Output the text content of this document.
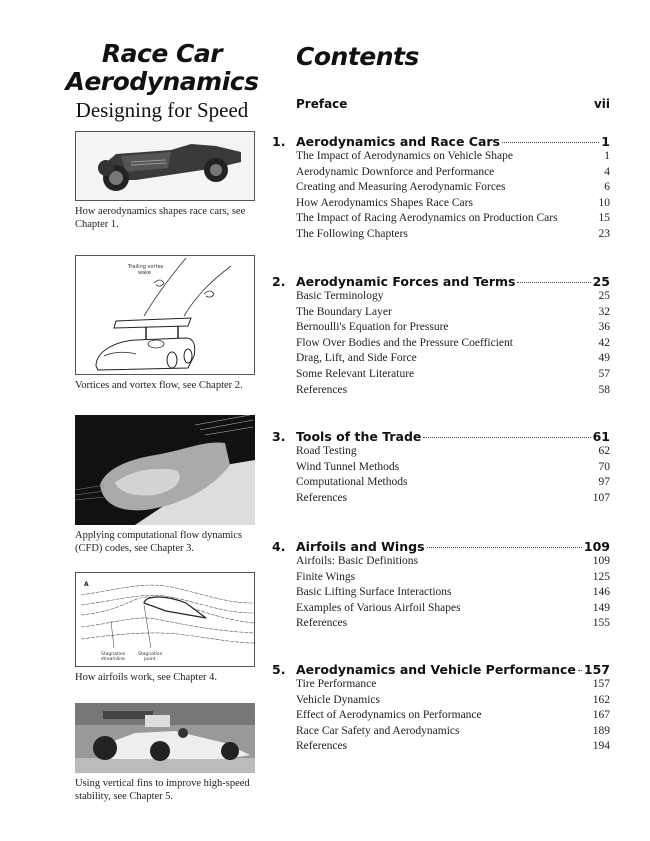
Race Car
Aerodynamics
Designing for Speed
How aerodynamics shapes race cars, see Chapter 1.
Trailing vortex
wake
Vortices and vortex flow, see Chapter 2.
Applying computational flow dynamics (CFD) codes, see Chapter 3.
A
Stagnation
streamline
Stagnation
point
How airfoils work, see Chapter 4.
Using vertical fins to improve high-speed stability, see Chapter 5.
Contents
Preface	vii
1. Aerodynamics and Race Cars	1
The Impact of Aerodynamics on Vehicle Shape	1
Aerodynamic Downforce and Performance	4
Creating and Measuring Aerodynamic Forces	6
How Aerodynamics Shapes Race Cars	10
The Impact of Racing Aerodynamics on Production Cars	15
The Following Chapters	23
2. Aerodynamic Forces and Terms	25
Basic Terminology	25
The Boundary Layer	32
Bernoulli's Equation for Pressure	36
Flow Over Bodies and the Pressure Coefficient	42
Drag, Lift, and Side Force	49
Some Relevant Literature	57
References	58
3. Tools of the Trade	61
Road Testing	62
Wind Tunnel Methods	70
Computational Methods	97
References	107
4. Airfoils and Wings	109
Airfoils: Basic Definitions	109
Finite Wings	125
Basic Lifting Surface Interactions	146
Examples of Various Airfoil Shapes	149
References	155
5. Aerodynamics and Vehicle Performance 157
Tire Performance	157
Vehicle Dynamics	162
Effect of Aerodynamics on Performance	167
Race Car Safety and Aerodynamics	189
References	194
